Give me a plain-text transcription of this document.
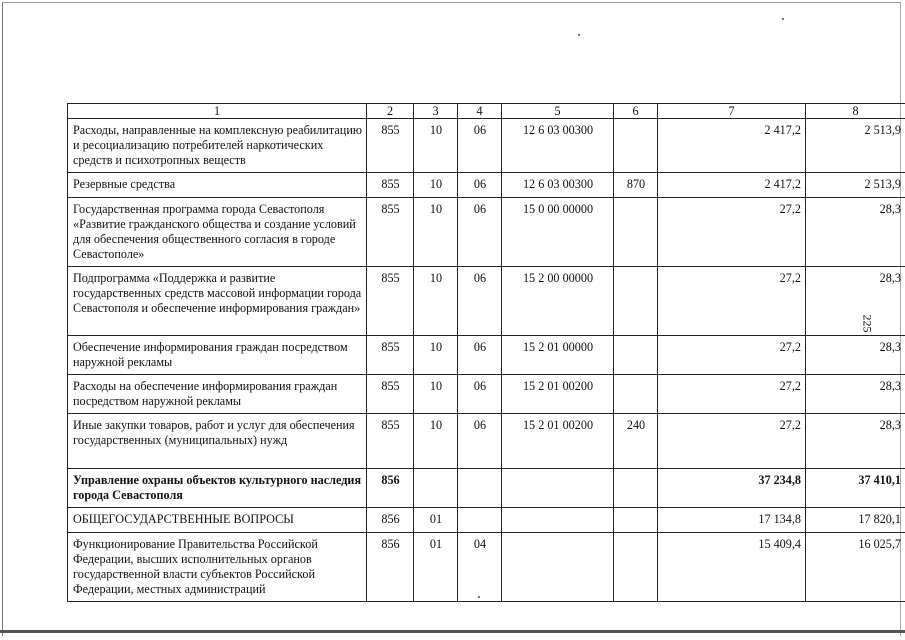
225
1	2	3	4	5	6	7	8
Расходы, направленные на комплексную реабилитацию и ресоциализацию потребителей наркотических средств и психотропных веществ	855	10	06	12 6 03 00300		2 417,2	2 513,9
Резервные средства	855	10	06	12 6 03 00300	870	2 417,2	2 513,9
Государственная программа города Севастополя «Развитие гражданского общества и создание условий для обеспечения общественного согласия в городе Севастополе»	855	10	06	15 0 00 00000		27,2	28,3
Подпрограмма «Поддержка и развитие государственных средств массовой информации города Севастополя и обеспечение информирования граждан»	855	10	06	15 2 00 00000		27,2	28,3
Обеспечение информирования граждан посредством наружной рекламы	855	10	06	15 2 01 00000		27,2	28,3
Расходы на обеспечение информирования граждан посредством наружной рекламы	855	10	06	15 2 01 00200		27,2	28,3
Иные закупки товаров, работ и услуг для обеспечения государственных (муниципальных) нужд	855	10	06	15 2 01 00200	240	27,2	28,3
Управление охраны объектов культурного наследия города Севастополя	856					37 234,8	37 410,1
ОБЩЕГОСУДАРСТВЕННЫЕ ВОПРОСЫ	856	01				17 134,8	17 820,1
Функционирование Правительства Российской Федерации, высших исполнительных органов государственной власти субъектов Российской Федерации, местных администраций	856	01	04			15 409,4	16 025,7
